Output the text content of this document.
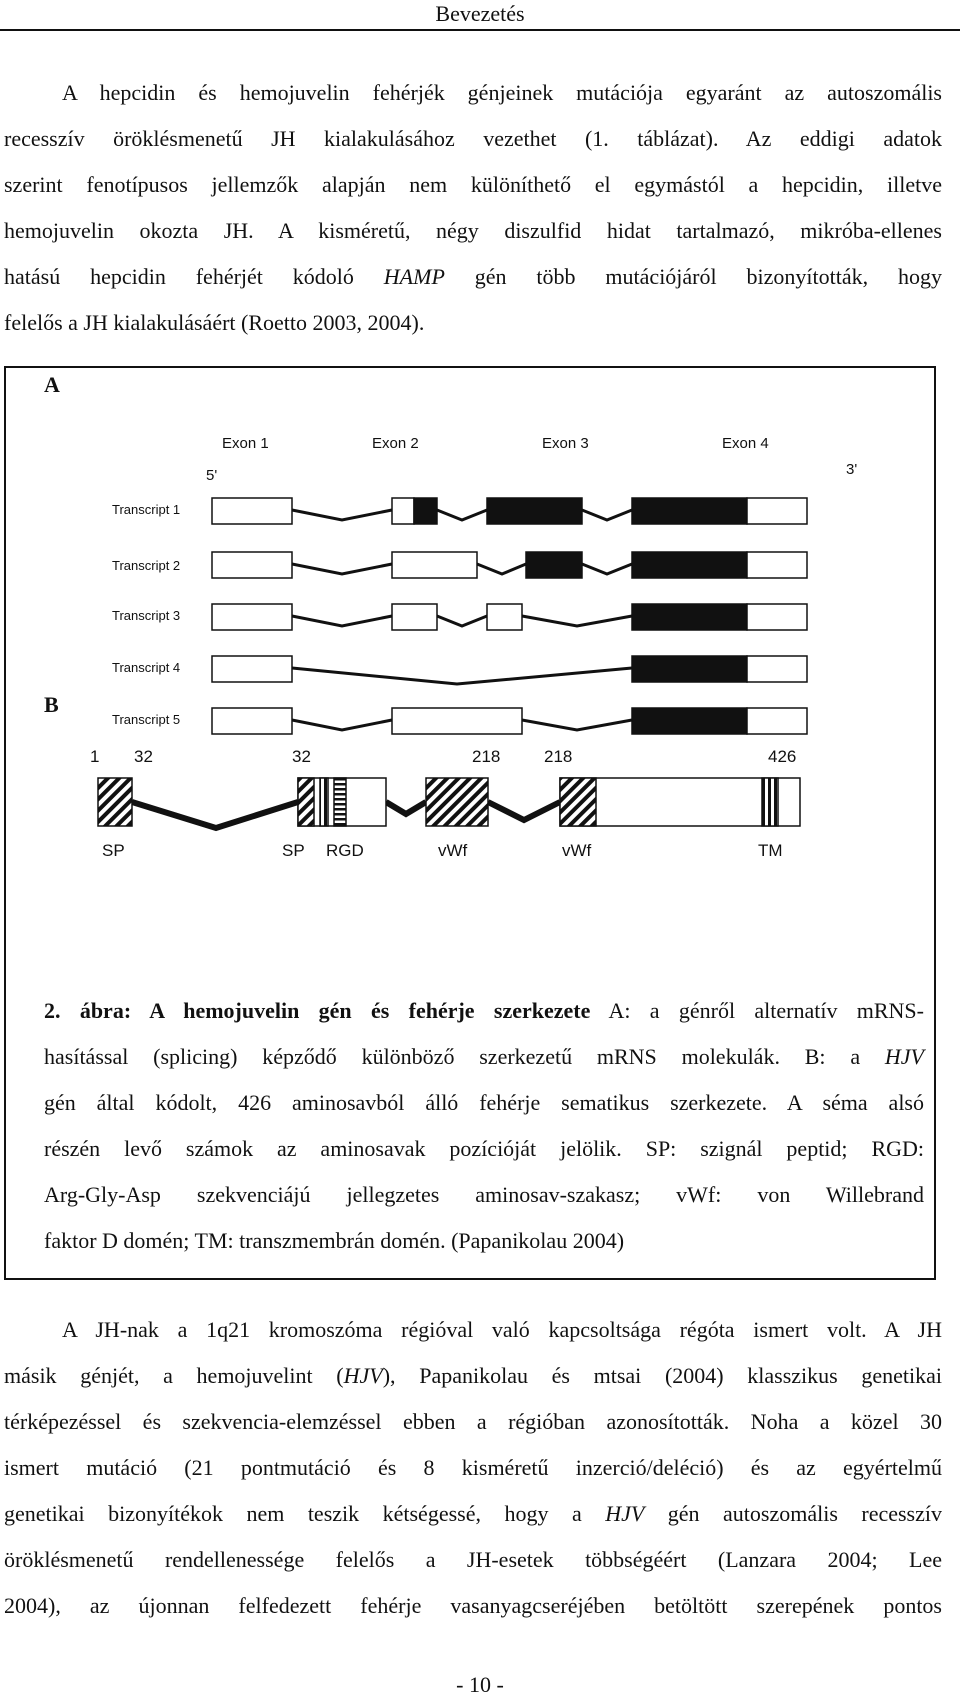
Bevezetés
A hepcidin és hemojuvelin fehérjék génjeinek mutációja egyaránt az autoszomális
recesszív öröklésmenetű JH kialakulásához vezethet (1. táblázat). Az eddigi adatok
szerint fenotípusos jellemzők alapján nem különíthető el egymástól a hepcidin, illetve
hemojuvelin okozta JH. A kisméretű, négy diszulfid hidat tartalmazó, mikróba-ellenes
hatású hepcidin fehérjét kódoló HAMP gén több mutációjáról bizonyították, hogy
felelős a JH kialakulásáért (Roetto 2003, 2004).
A
Exon 1	Exon 2	Exon 3	Exon 4
5'	3'
Transcript 1
Transcript 2
Transcript 3
Transcript 4
Transcript 5
B
1 32	32	218	218	426
SP	SP RGD	vWf	vWf	TM
2. ábra: A hemojuvelin gén és fehérje szerkezete A: a génről alternatív mRNS-
hasítással (splicing) képződő különböző szerkezetű mRNS molekulák. B: a HJV
gén által kódolt, 426 aminosavból álló fehérje sematikus szerkezete. A séma alsó
részén levő számok az aminosavak pozícióját jelölik. SP: szignál peptid; RGD:
Arg-Gly-Asp szekvenciájú jellegzetes aminosav-szakasz; vWf: von Willebrand
faktor D domén; TM: transzmembrán domén. (Papanikolau 2004)
A JH-nak a 1q21 kromoszóma régióval való kapcsoltsága régóta ismert volt. A JH
másik génjét, a hemojuvelint (HJV), Papanikolau és mtsai (2004) klasszikus genetikai
térképezéssel és szekvencia-elemzéssel ebben a régióban azonosították. Noha a közel 30
ismert mutáció (21 pontmutáció és 8 kisméretű inzerció/deléció) és az egyértelmű
genetikai bizonyítékok nem teszik kétségessé, hogy a HJV gén autoszomális recesszív
öröklésmenetű rendellenessége felelős a JH-esetek többségéért (Lanzara 2004; Lee
2004), az újonnan felfedezett fehérje vasanyagcseréjében betöltött szerepének pontos
- 10 -
